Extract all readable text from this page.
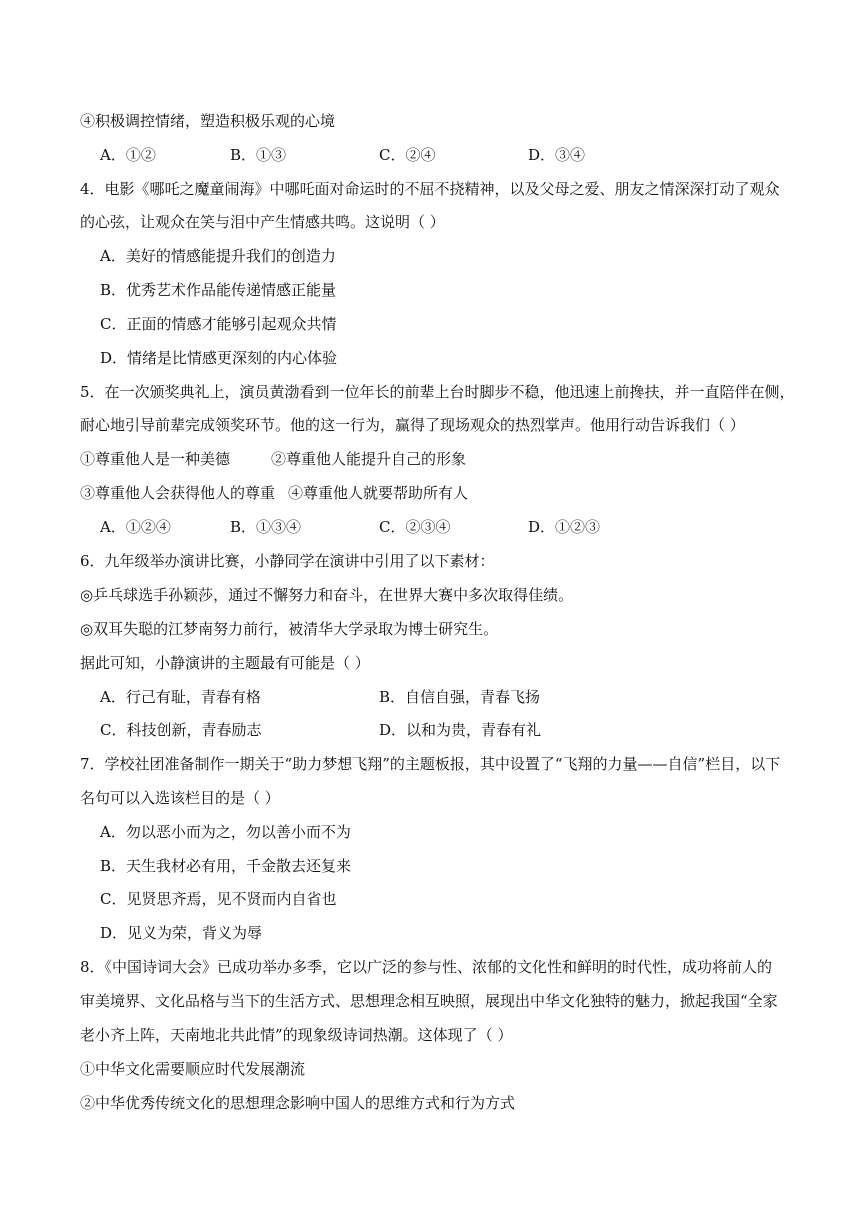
④积极调控情绪，塑造积极乐观的心境
A．①②	B．①③	C．②④	D．③④
4．电影《哪吒之魔童闹海》中哪吒面对命运时的不屈不挠精神，以及父母之爱、朋友之情深深打动了观众
的心弦，让观众在笑与泪中产生情感共鸣。这说明（ ）
A．美好的情感能提升我们的创造力
B．优秀艺术作品能传递情感正能量
C．正面的情感才能够引起观众共情
D．情绪是比情感更深刻的内心体验
5．在一次颁奖典礼上，演员黄渤看到一位年长的前辈上台时脚步不稳，他迅速上前搀扶，并一直陪伴在侧，
耐心地引导前辈完成领奖环节。他的这一行为，赢得了现场观众的热烈掌声。他用行动告诉我们（ ）
①尊重他人是一种美德	②尊重他人能提升自己的形象
③尊重他人会获得他人的尊重 ④尊重他人就要帮助所有人
A．①②④	B．①③④	C．②③④	D．①②③
6．九年级举办演讲比赛，小静同学在演讲中引用了以下素材：
◎乒乓球选手孙颖莎，通过不懈努力和奋斗，在世界大赛中多次取得佳绩。
◎双耳失聪的江梦南努力前行，被清华大学录取为博士研究生。
据此可知，小静演讲的主题最有可能是（ ）
A．行己有耻，青春有格	B．自信自强，青春飞扬
C．科技创新，青春励志	D．以和为贵，青春有礼
7．学校社团准备制作一期关于“助力梦想飞翔”的主题板报，其中设置了“飞翔的力量——自信”栏目，以下
名句可以入选该栏目的是（ ）
A．勿以恶小而为之，勿以善小而不为
B．天生我材必有用，千金散去还复来
C．见贤思齐焉，见不贤而内自省也
D．见义为荣，背义为辱
8．《中国诗词大会》已成功举办多季，它以广泛的参与性、浓郁的文化性和鲜明的时代性，成功将前人的
审美境界、文化品格与当下的生活方式、思想理念相互映照，展现出中华文化独特的魅力，掀起我国“全家
老小齐上阵，天南地北共此情”的现象级诗词热潮。这体现了（ ）
①中华文化需要顺应时代发展潮流
②中华优秀传统文化的思想理念影响中国人的思维方式和行为方式
